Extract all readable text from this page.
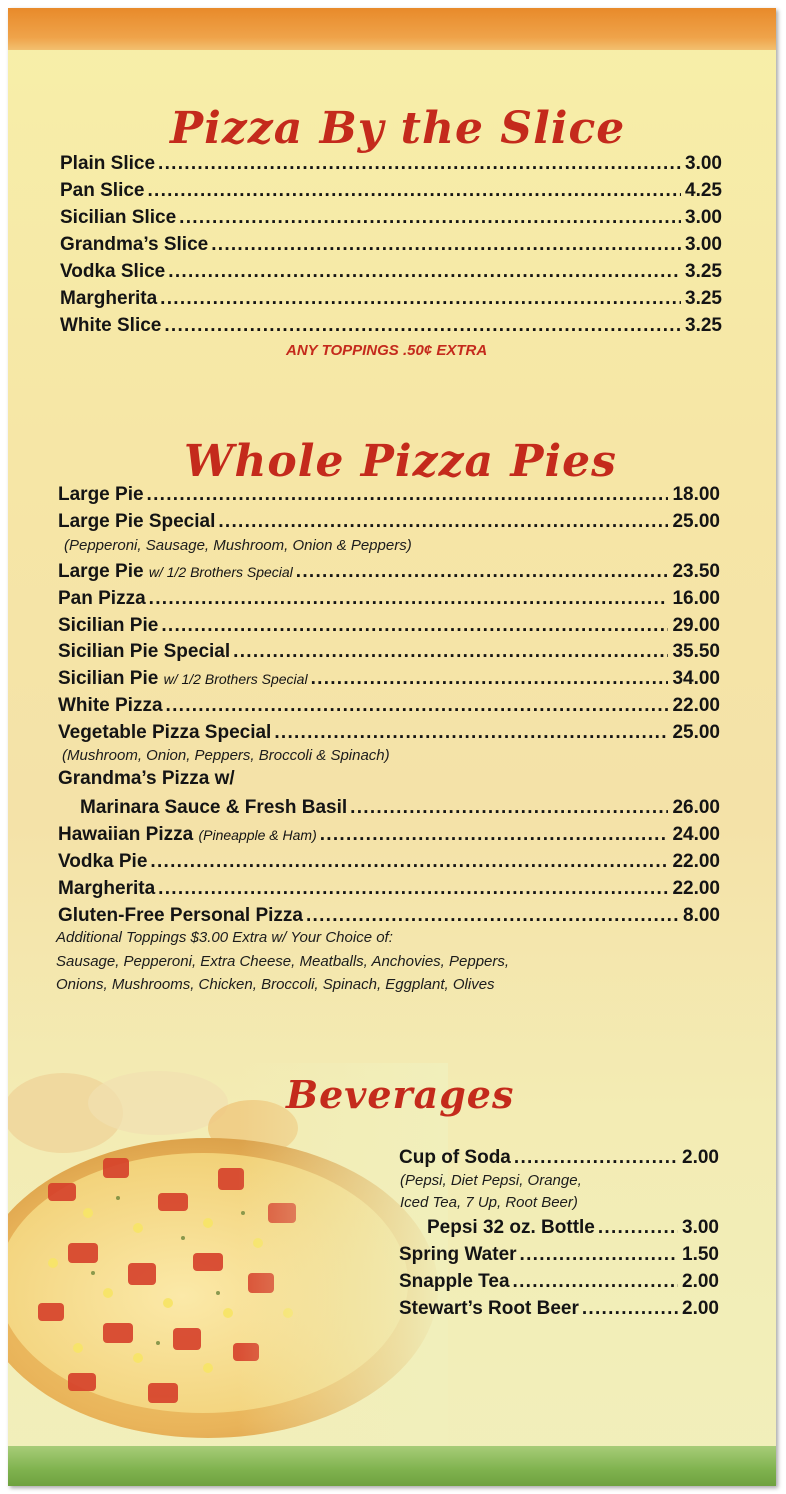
Pizza By the Slice
Plain Slice . . .	3.00
Pan Slice . . .	4.25
Sicilian Slice . . .	3.00
Grandma’s Slice . . .	3.00
Vodka Slice . . .	3.25
Margherita . . .	3.25
White Slice . . .	3.25
ANY TOPPINGS .50¢ EXTRA
Whole Pizza Pies
Large Pie . . .	18.00
Large Pie Special . . .	25.00
(Pepperoni, Sausage, Mushroom, Onion & Peppers)
Large Pie w/ 1/2 Brothers Special . . .	23.50
Pan Pizza . . .	16.00
Sicilian Pie . . .	29.00
Sicilian Pie Special . . .	35.50
Sicilian Pie w/ 1/2 Brothers Special . . .	34.00
White Pizza . . .	22.00
Vegetable Pizza Special . . .	25.00
(Mushroom, Onion, Peppers, Broccoli & Spinach)
Grandma’s Pizza w/
Marinara Sauce & Fresh Basil . . .	26.00
Hawaiian Pizza (Pineapple & Ham) . . .	24.00
Vodka Pie . . .	22.00
Margherita . . .	22.00
Gluten-Free Personal Pizza . . .	8.00
Additional Toppings $3.00 Extra w/ Your Choice of:
Sausage, Pepperoni, Extra Cheese, Meatballs, Anchovies, Peppers,
Onions, Mushrooms, Chicken, Broccoli, Spinach, Eggplant, Olives
Beverages
Cup of Soda . . .	2.00
(Pepsi, Diet Pepsi, Orange,
Iced Tea, 7 Up, Root Beer)
Pepsi 32 oz. Bottle . . .	3.00
Spring Water . . .	1.50
Snapple Tea . . .	2.00
Stewart’s Root Beer . . .	2.00
